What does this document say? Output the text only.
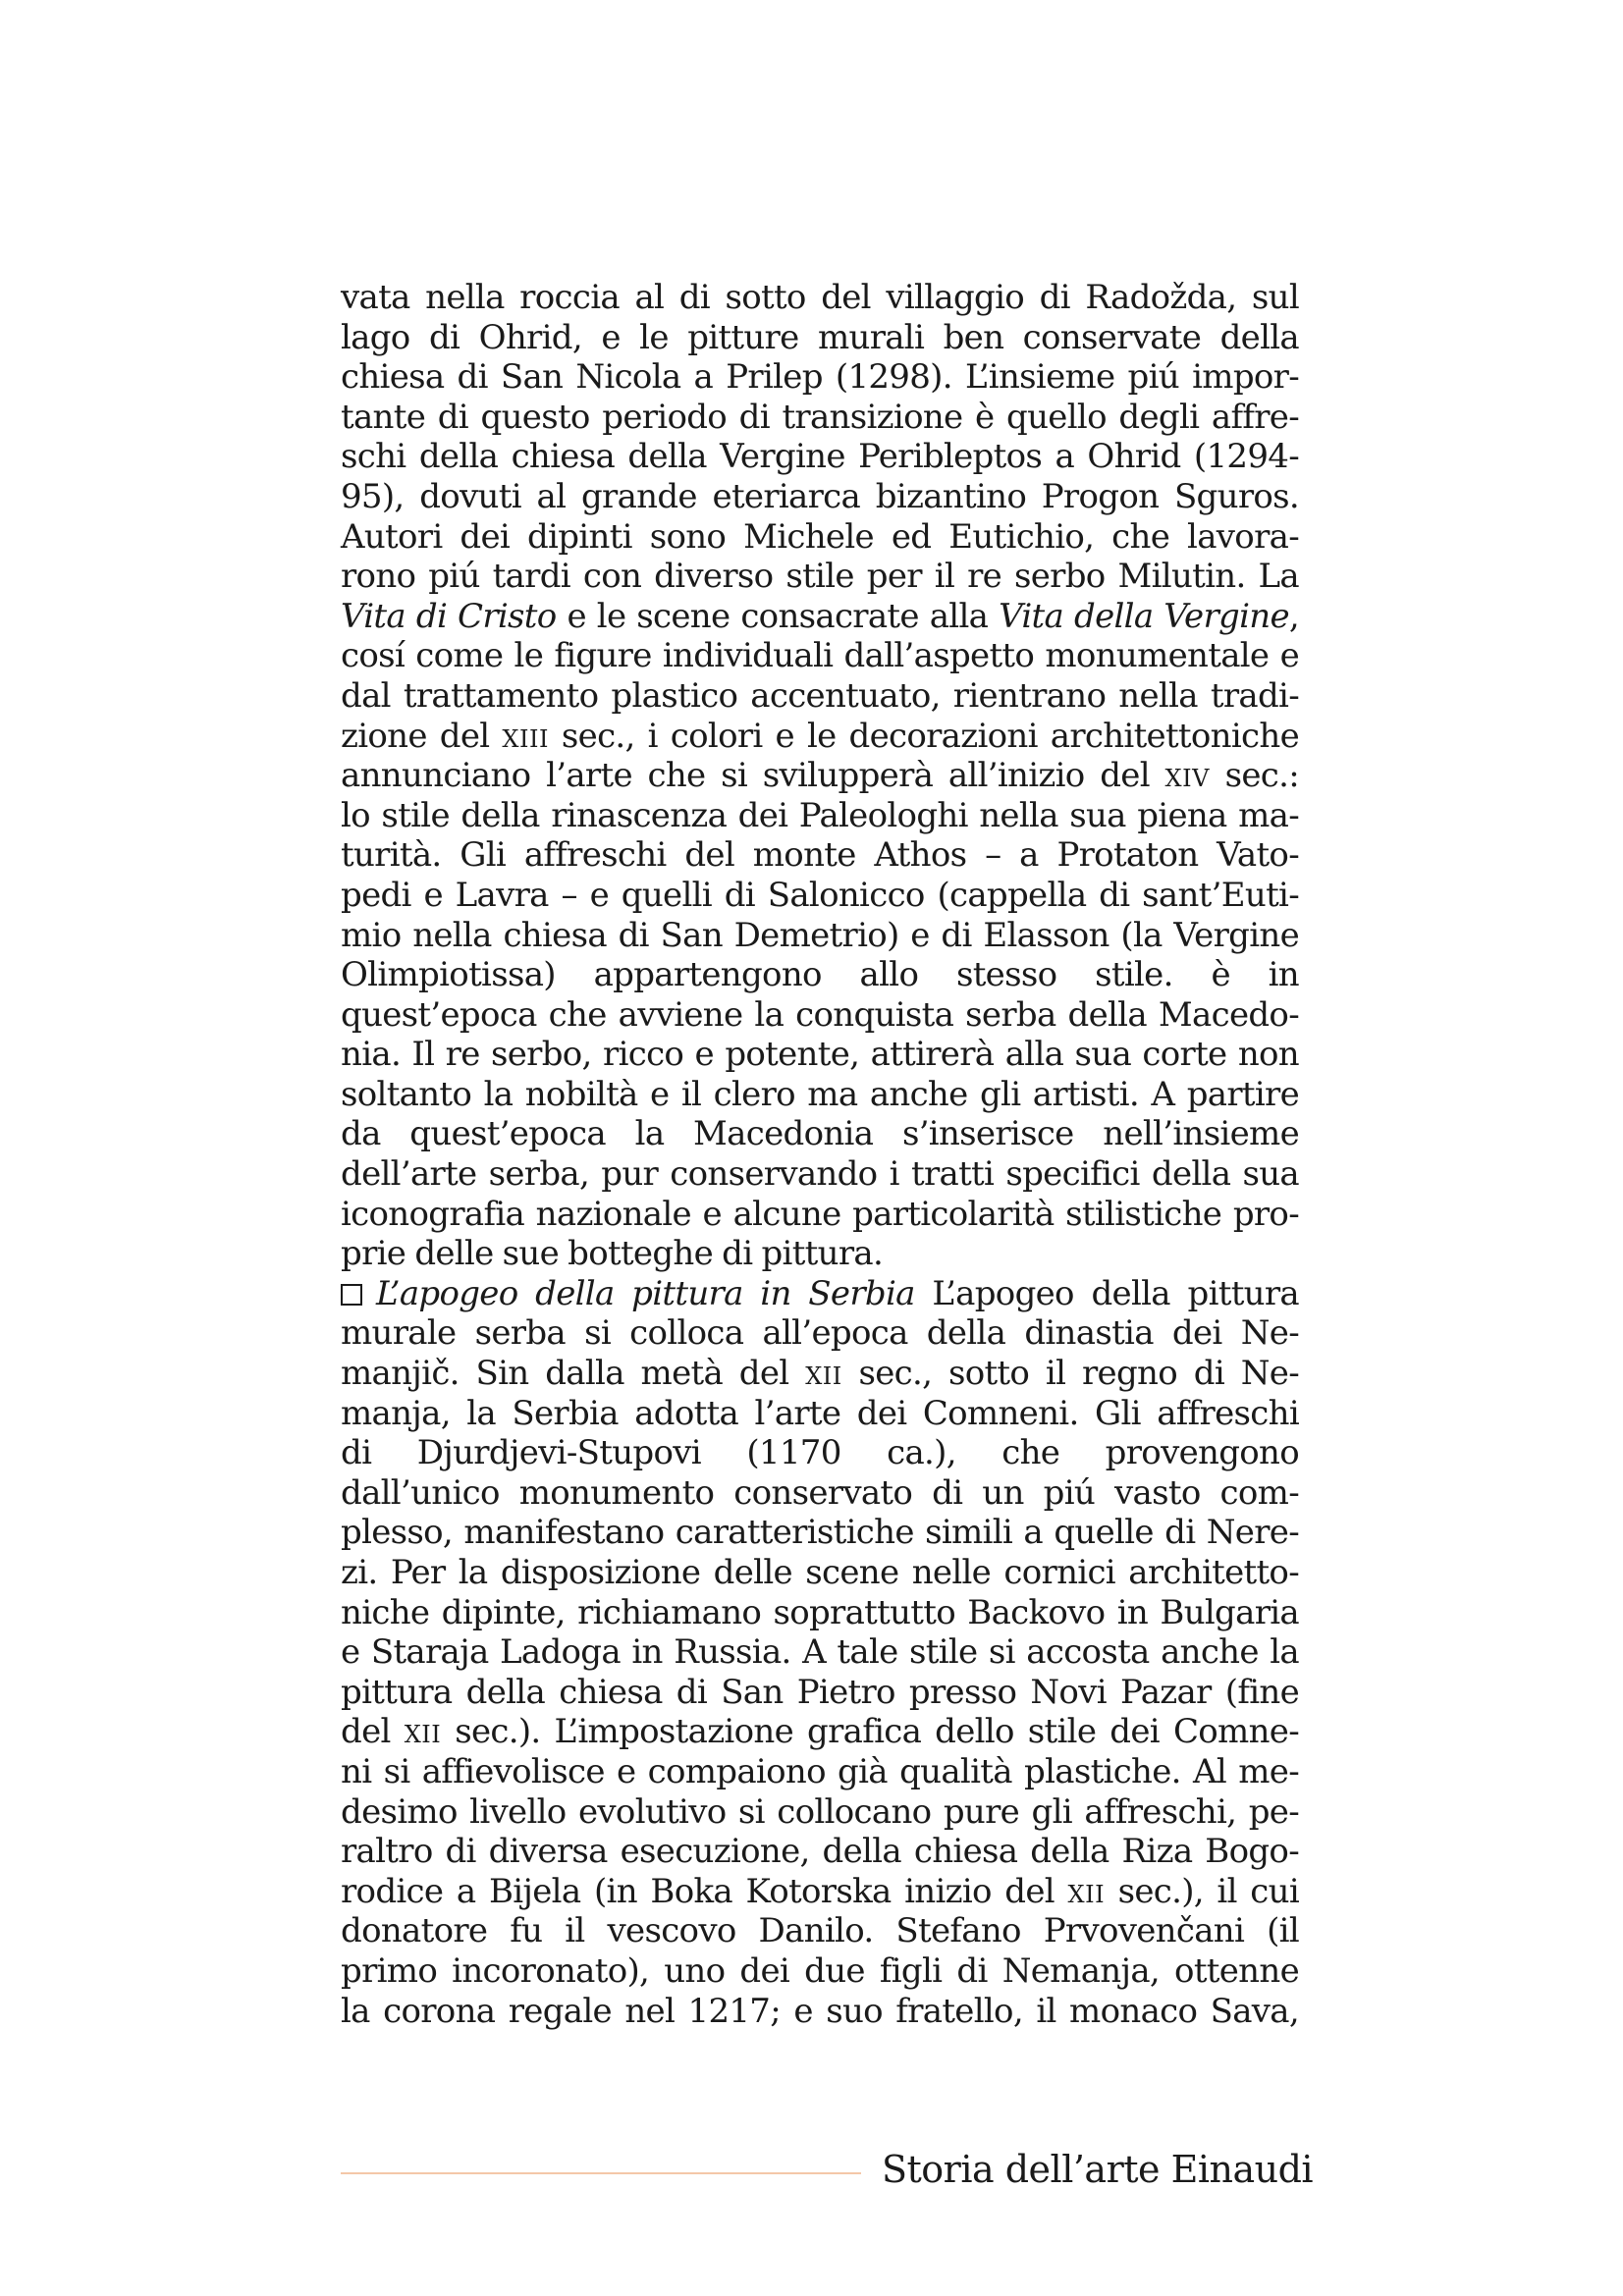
vata nella roccia al di sotto del villaggio di Radožda, sul
lago di Ohrid, e le pitture murali ben conservate della
chiesa di San Nicola a Prilep (1298). L’insieme piú impor-
tante di questo periodo di transizione è quello degli affre-
schi della chiesa della Vergine Peribleptos a Ohrid (1294-
95), dovuti al grande eteriarca bizantino Progon Sguros.
Autori dei dipinti sono Michele ed Eutichio, che lavora-
rono piú tardi con diverso stile per il re serbo Milutin. La
Vita di Cristo e le scene consacrate alla Vita della Vergine,
cosí come le figure individuali dall’aspetto monumentale e
dal trattamento plastico accentuato, rientrano nella tradi-
zione del xiii sec., i colori e le decorazioni architettoniche
annunciano l’arte che si svilupperà all’inizio del xiv sec.:
lo stile della rinascenza dei Paleologhi nella sua piena ma-
turità. Gli affreschi del monte Athos – a Protaton Vato-
pedi e Lavra – e quelli di Salonicco (cappella di sant’Euti-
mio nella chiesa di San Demetrio) e di Elasson (la Vergine
Olimpiotissa) appartengono allo stesso stile. è in
quest’epoca che avviene la conquista serba della Macedo-
nia. Il re serbo, ricco e potente, attirerà alla sua corte non
soltanto la nobiltà e il clero ma anche gli artisti. A partire
da quest’epoca la Macedonia s’inserisce nell’insieme
dell’arte serba, pur conservando i tratti specifici della sua
iconografia nazionale e alcune particolarità stilistiche pro-
prie delle sue botteghe di pittura.
L’apogeo della pittura in Serbia L’apogeo della pittura
murale serba si colloca all’epoca della dinastia dei Ne-
manjič. Sin dalla metà del xii sec., sotto il regno di Ne-
manja, la Serbia adotta l’arte dei Comneni. Gli affreschi
di Djurdjevi-Stupovi (1170 ca.), che provengono
dall’unico monumento conservato di un piú vasto com-
plesso, manifestano caratteristiche simili a quelle di Nere-
zi. Per la disposizione delle scene nelle cornici architetto-
niche dipinte, richiamano soprattutto Backovo in Bulgaria
e Staraja Ladoga in Russia. A tale stile si accosta anche la
pittura della chiesa di San Pietro presso Novi Pazar (fine
del xii sec.). L’impostazione grafica dello stile dei Comne-
ni si affievolisce e compaiono già qualità plastiche. Al me-
desimo livello evolutivo si collocano pure gli affreschi, pe-
raltro di diversa esecuzione, della chiesa della Riza Bogo-
rodice a Bijela (in Boka Kotorska inizio del xii sec.), il cui
donatore fu il vescovo Danilo. Stefano Prvovenčani (il
primo incoronato), uno dei due figli di Nemanja, ottenne
la corona regale nel 1217; e suo fratello, il monaco Sava,
Storia dell’arte Einaudi
